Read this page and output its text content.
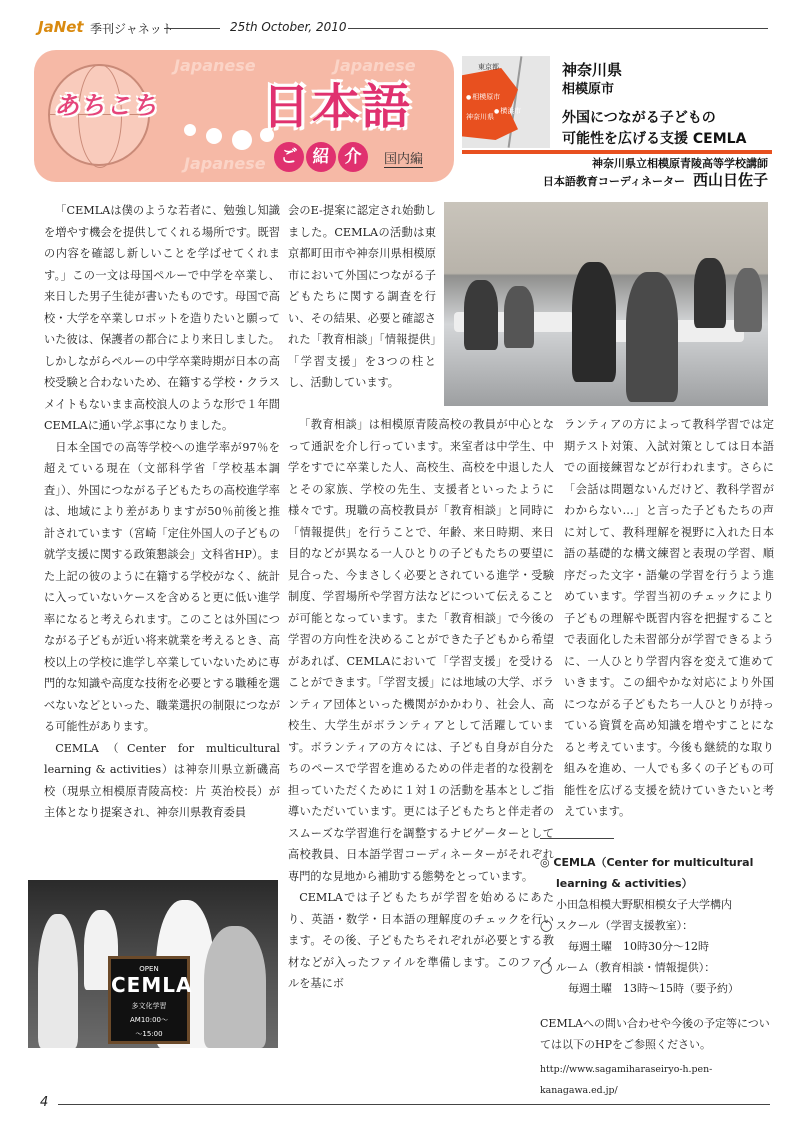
JaNet 季刊ジャネット	25th October, 2010
Japanese	Japanese
Japanese
あちこち 日本語
ご 紹 介	国内編
東京都
● 相模原市
神奈川県
● 横浜市
神奈川県
相模原市
外国につながる子どもの
可能性を広げる支援 CEMLA
神奈川県立相模原青陵高等学校講師
日本語教育コーディネーター 西山日佐子
OPEN
CEMLA
多文化学習
AM10:00〜
〜15:00

「CEMLAは僕のような若者に、勉強し知識を増やす機会を提供してくれる場所です。既習の内容を確認し新しいことを学ばせてくれます。」この一文は母国ペルーで中学を卒業し、来日した男子生徒が書いたものです。母国で高校・大学を卒業しロボットを造りたいと願っていた彼は、保護者の都合により来日しました。しかしながらペルーの中学卒業時期が日本の高校受験と合わないため、在籍する学校・クラスメイトもないまま高校浪人のような形で１年間CEMLAに通い学ぶ事になりました。

日本全国での高等学校への進学率が97％を超えている現在（文部科学省「学校基本調査」）、外国につながる子どもたちの高校進学率は、地域により差がありますが50％前後と推計されています（宮崎「定住外国人の子どもの就学支援に関する政策懇談会」文科省HP）。また上記の彼のように在籍する学校がなく、統計に入っていないケースを含めると更に低い進学率になると考えられます。このことは外国につながる子どもが近い将来就業を考えるとき、高校以上の学校に進学し卒業していないために専門的な知識や高度な技術を必要とする職種を選べないなどといった、職業選択の制限につながる可能性があります。

CEMLA（Center for multicultural learning & activities）は神奈川県立新磯高校（現県立相模原青陵高校：片 英治校長）が主体となり提案され、神奈川県教育委員

会のE-提案に認定され始動しました。CEMLAの活動は東京都町田市や神奈川県相模原市において外国につながる子どもたちに関する調査を行い、その結果、必要と確認された「教育相談」「情報提供」「学習支援」を3つの柱とし、活動しています。

「教育相談」は相模原青陵高校の教員が中心となって通訳を介し行っています。来室者は中学生、中学をすでに卒業した人、高校生、高校を中退した人とその家族、学校の先生、支援者といったように様々です。現職の高校教員が「教育相談」と同時に「情報提供」を行うことで、年齢、来日時期、来日目的などが異なる一人ひとりの子どもたちの要望に見合った、今まさしく必要とされている進学・受験制度、学習場所や学習方法などについて伝えることが可能となっています。また「教育相談」で今後の学習の方向性を決めることができた子どもから希望があれば、CEMLAにおいて「学習支援」を受けることができます。「学習支援」には地域の大学、ボランティア団体といった機関がかかわり、社会人、高校生、大学生がボランティアとして活躍しています。ボランティアの方々には、子ども自身が自分たちのペースで学習を進めるための伴走者的な役割を担っていただくために１対１の活動を基本としご指導いただいています。更には子どもたちと伴走者のスムーズな学習進行を調整するナビゲーターとして高校教員、日本語学習コーディネーターがそれぞれ専門的な見地から補助する態勢をとっています。

CEMLAでは子どもたちが学習を始めるにあたり、英語・数学・日本語の理解度のチェックを行います。その後、子どもたちそれぞれが必要とする教材などが入ったファイルを準備します。このファイルを基にボ

ランティアの方によって教科学習では定期テスト対策、入試対策としては日本語での面接練習などが行われます。さらに「会話は問題ないんだけど、教科学習がわからない…」と言った子どもたちの声に対して、教科理解を視野に入れた日本語の基礎的な構文練習と表現の学習、順序だった文字・語彙の学習を行うよう進めています。学習当初のチェックにより子どもの理解や既習内容を把握することで表面化した未習部分が学習できるように、一人ひとり学習内容を変えて進めていきます。この細やかな対応により外国につながる子どもたち一人ひとりが持っている資質を高め知識を増やすことになると考えています。今後も継続的な取り組みを進め、一人でも多くの子どもの可能性を広げる支援を続けていきたいと考えています。

◎ CEMLA（Center for multicultural
learning & activities）
小田急相模大野駅相模女子大学構内
◯ スクール（学習支援教室）：
毎週土曜　10時30分～12時
◯ ルーム（教育相談・情報提供）：
毎週土曜　13時～15時（要予約）
CEMLAへの問い合わせや今後の予定等については以下のHPをご参照ください。
http://www.sagamiharaseiryo-h.pen-kanagawa.ed.jp/
4
